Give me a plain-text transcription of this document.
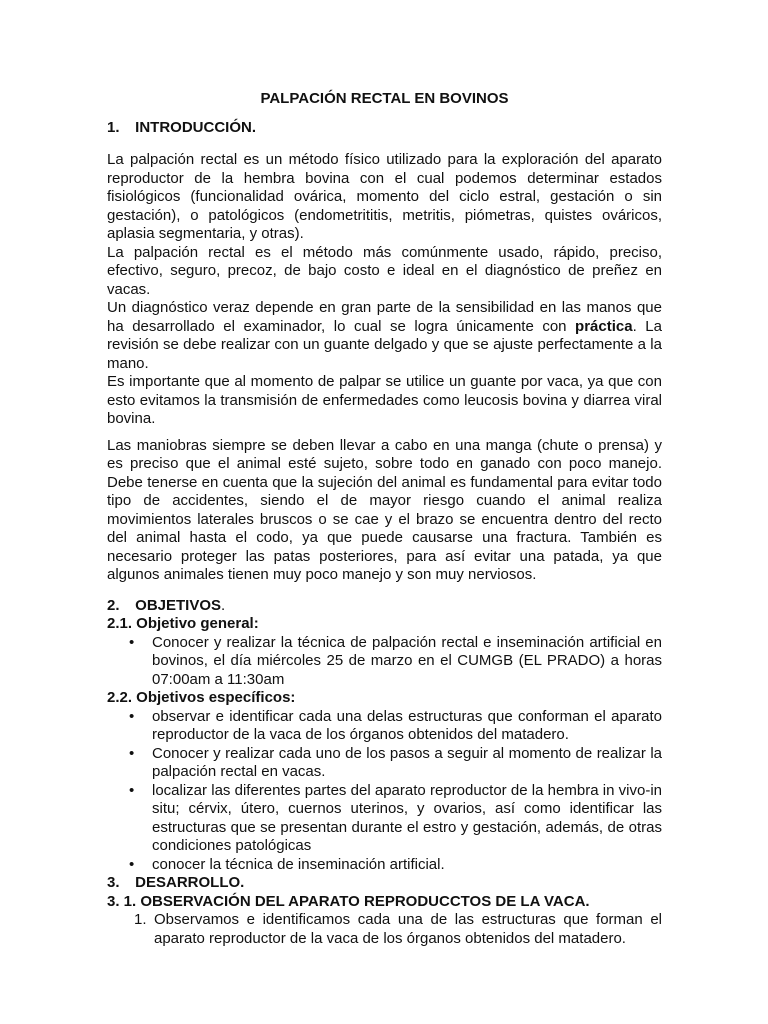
PALPACIÓN RECTAL EN BOVINOS
1. INTRODUCCIÓN.

La palpación rectal es un método físico utilizado para la exploración del aparato reproductor de la hembra bovina con el cual podemos determinar estados fisiológicos (funcionalidad ovárica, momento del ciclo estral, gestación o sin gestación), o patológicos (endometrititis, metritis, piómetras, quistes ováricos, aplasia segmentaria, y otras).

La palpación rectal es el método más comúnmente usado, rápido, preciso, efectivo, seguro, precoz, de bajo costo e ideal en el diagnóstico de preñez en vacas.

Un diagnóstico veraz depende en gran parte de la sensibilidad en las manos que ha desarrollado el examinador, lo cual se logra únicamente con práctica. La revisión se debe realizar con un guante delgado y que se ajuste perfectamente a la mano.

Es importante que al momento de palpar se utilice un guante por vaca, ya que con esto evitamos la transmisión de enfermedades como leucosis bovina y diarrea viral bovina.

Las maniobras siempre se deben llevar a cabo en una manga (chute o prensa) y es preciso que el animal esté sujeto, sobre todo en ganado con poco manejo. Debe tenerse en cuenta que la sujeción del animal es fundamental para evitar todo tipo de accidentes, siendo el de mayor riesgo cuando el animal realiza movimientos laterales bruscos o se cae y el brazo se encuentra dentro del recto del animal hasta el codo, ya que puede causarse una fractura. También es necesario proteger las patas posteriores, para así evitar una patada, ya que algunos animales tienen muy poco manejo y son muy nerviosos.

2. OBJETIVOS.
2.1. Objetivo general:
• Conocer y realizar la técnica de palpación rectal e inseminación artificial en bovinos, el día miércoles 25 de marzo en el CUMGB (EL PRADO) a horas 07:00am a 11:30am
2.2. Objetivos específicos:
• observar e identificar cada una delas estructuras que conforman el aparato reproductor de la vaca de los órganos obtenidos del matadero.
• Conocer y realizar cada uno de los pasos a seguir al momento de realizar la palpación rectal en vacas.
• localizar las diferentes partes del aparato reproductor de la hembra in vivo-in situ; cérvix, útero, cuernos uterinos, y ovarios, así como identificar las estructuras que se presentan durante el estro y gestación, además, de otras condiciones patológicas
• conocer la técnica de inseminación artificial.
3. DESARROLLO.
3. 1. OBSERVACIÓN DEL APARATO REPRODUCCTOS DE LA VACA.
1. Observamos e identificamos cada una de las estructuras que forman el aparato reproductor de la vaca de los órganos obtenidos del matadero.
